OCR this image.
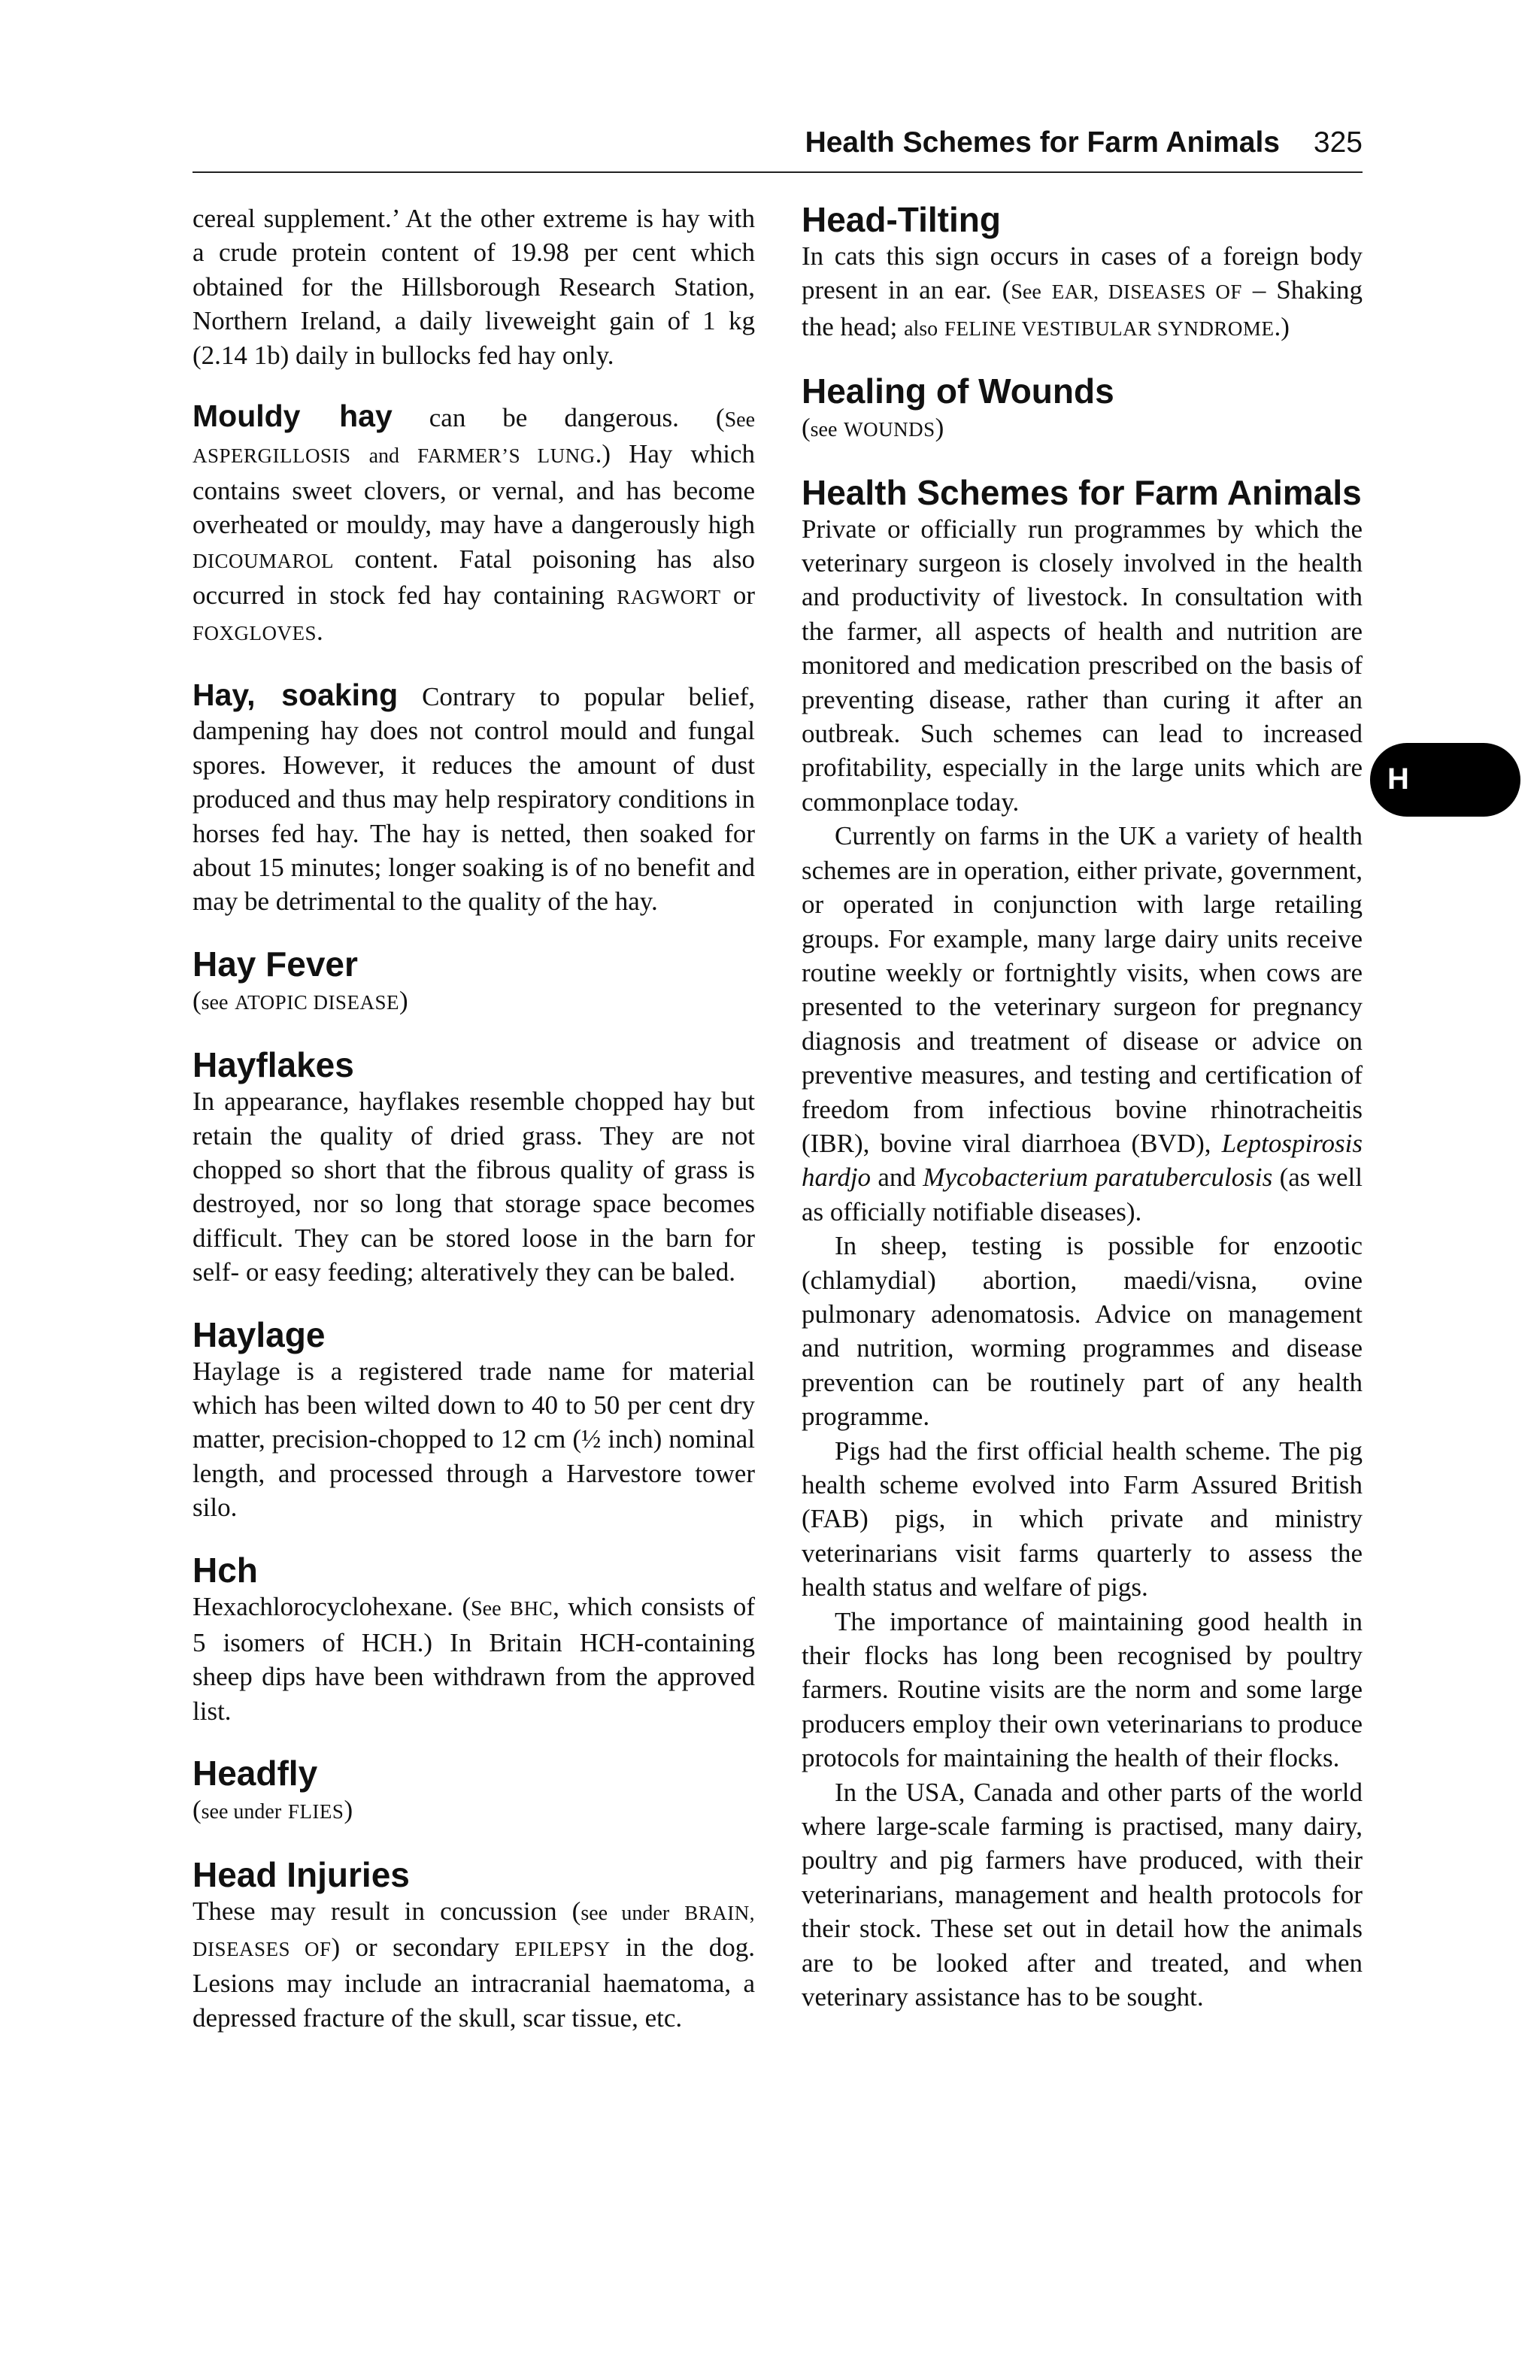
Health Schemes for Farm Animals 325

cereal supplement.’ At the other extreme is hay with a crude protein content of 19.98 per cent which obtained for the Hillsborough Research Station, Northern Ireland, a daily liveweight gain of 1 kg (2.14 1b) daily in bullocks fed hay only.

Mouldy hay can be dangerous. (See ASPERGILLOSIS and FARMER’S LUNG.) Hay which contains sweet clovers, or vernal, and has become overheated or mouldy, may have a dangerously high DICOUMAROL content. Fatal poisoning has also occurred in stock fed hay containing RAGWORT or FOXGLOVES.

Hay, soaking Contrary to popular belief, dampening hay does not control mould and fungal spores. However, it reduces the amount of dust produced and thus may help respiratory conditions in horses fed hay. The hay is netted, then soaked for about 15 minutes; longer soaking is of no benefit and may be detrimental to the quality of the hay.

Hay Fever

(see ATOPIC DISEASE)

Hayflakes

In appearance, hayflakes resemble chopped hay but retain the quality of dried grass. They are not chopped so short that the fibrous quality of grass is destroyed, nor so long that storage space becomes difficult. They can be stored loose in the barn for self- or easy feeding; alteratively they can be baled.

Haylage

Haylage is a registered trade name for material which has been wilted down to 40 to 50 per cent dry matter, precision-chopped to 12 cm (½ inch) nominal length, and processed through a Harvestore tower silo.

Hch

Hexachlorocyclohexane. (See BHC, which consists of 5 isomers of HCH.) In Britain HCH-containing sheep dips have been withdrawn from the approved list.

Headfly

(see under FLIES)

Head Injuries

These may result in concussion (see under BRAIN, DISEASES OF) or secondary EPILEPSY in the dog. Lesions may include an intracranial haematoma, a depressed fracture of the skull, scar tissue, etc.

Head-Tilting

In cats this sign occurs in cases of a foreign body present in an ear. (See EAR, DISEASES OF – Shaking the head; also FELINE VESTIBULAR SYNDROME.)

Healing of Wounds

(see WOUNDS)

Health Schemes for Farm Animals

Private or officially run programmes by which the veterinary surgeon is closely involved in the health and productivity of livestock. In consultation with the farmer, all aspects of health and nutrition are monitored and medication prescribed on the basis of preventing disease, rather than curing it after an outbreak. Such schemes can lead to increased profitability, especially in the large units which are commonplace today.

Currently on farms in the UK a variety of health schemes are in operation, either private, government, or operated in conjunction with large retailing groups. For example, many large dairy units receive routine weekly or fortnightly visits, when cows are presented to the veterinary surgeon for pregnancy diagnosis and treatment of disease or advice on preventive measures, and testing and certification of freedom from infectious bovine rhinotracheitis (IBR), bovine viral diarrhoea (BVD), Leptospirosis hardjo and Mycobacterium paratuberculosis (as well as officially notifiable diseases).

In sheep, testing is possible for enzootic (chlamydial) abortion, maedi/visna, ovine pulmonary adenomatosis. Advice on management and nutrition, worming programmes and disease prevention can be routinely part of any health programme.

Pigs had the first official health scheme. The pig health scheme evolved into Farm Assured British (FAB) pigs, in which private and ministry veterinarians visit farms quarterly to assess the health status and welfare of pigs.

The importance of maintaining good health in their flocks has long been recognised by poultry farmers. Routine visits are the norm and some large producers employ their own veterinarians to produce protocols for maintaining the health of their flocks.

In the USA, Canada and other parts of the world where large-scale farming is practised, many dairy, poultry and pig farmers have produced, with their veterinarians, management and health protocols for their stock. These set out in detail how the animals are to be looked after and treated, and when veterinary assistance has to be sought.

H
